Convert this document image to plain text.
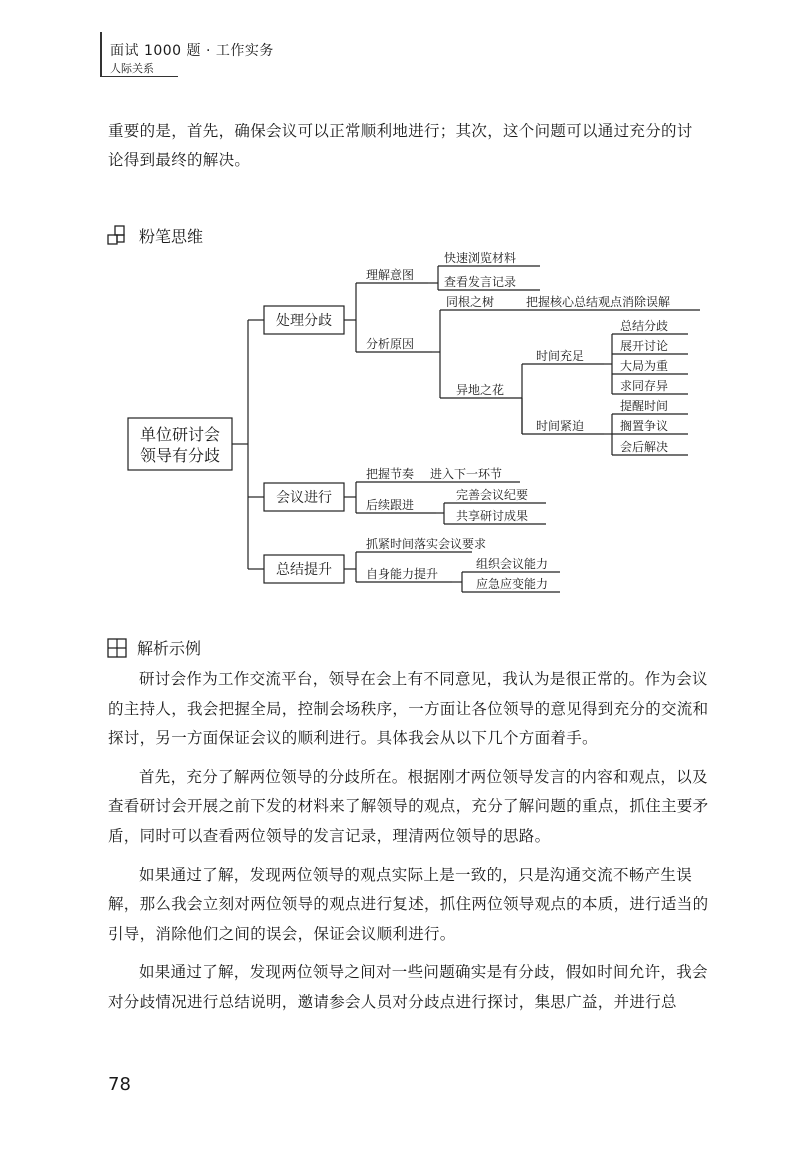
面试 1000 题 · 工作实务
人际关系

重要的是，首先，确保会议可以正常顺利地进行；其次，这个问题可以通过充分的讨

论得到最终的解决。

粉笔思维
单位研讨会
领导有分歧
处理分歧
会议进行
总结提升
理解意图
快速浏览材料
查看发言记录
分析原因
同根之树	把握核心总结观点消除误解
异地之花
时间充足
总结分歧
展开讨论
大局为重
求同存异
时间紧迫
提醒时间
搁置争议
会后解决
把握节奏 进入下一环节
后续跟进
完善会议纪要
共享研讨成果
抓紧时间落实会议要求
自身能力提升
组织会议能力
应急应变能力
解析示例

研讨会作为工作交流平台，领导在会上有不同意见，我认为是很正常的。作为会议的主持人，我会把握全局，控制会场秩序，一方面让各位领导的意见得到充分的交流和探讨，另一方面保证会议的顺利进行。具体我会从以下几个方面着手。

首先，充分了解两位领导的分歧所在。根据刚才两位领导发言的内容和观点，以及查看研讨会开展之前下发的材料来了解领导的观点，充分了解问题的重点，抓住主要矛盾，同时可以查看两位领导的发言记录，理清两位领导的思路。

如果通过了解，发现两位领导的观点实际上是一致的，只是沟通交流不畅产生误解，那么我会立刻对两位领导的观点进行复述，抓住两位领导观点的本质，进行适当的引导，消除他们之间的误会，保证会议顺利进行。

如果通过了解，发现两位领导之间对一些问题确实是有分歧，假如时间允许，我会对分歧情况进行总结说明，邀请参会人员对分歧点进行探讨，集思广益，并进行总

78
